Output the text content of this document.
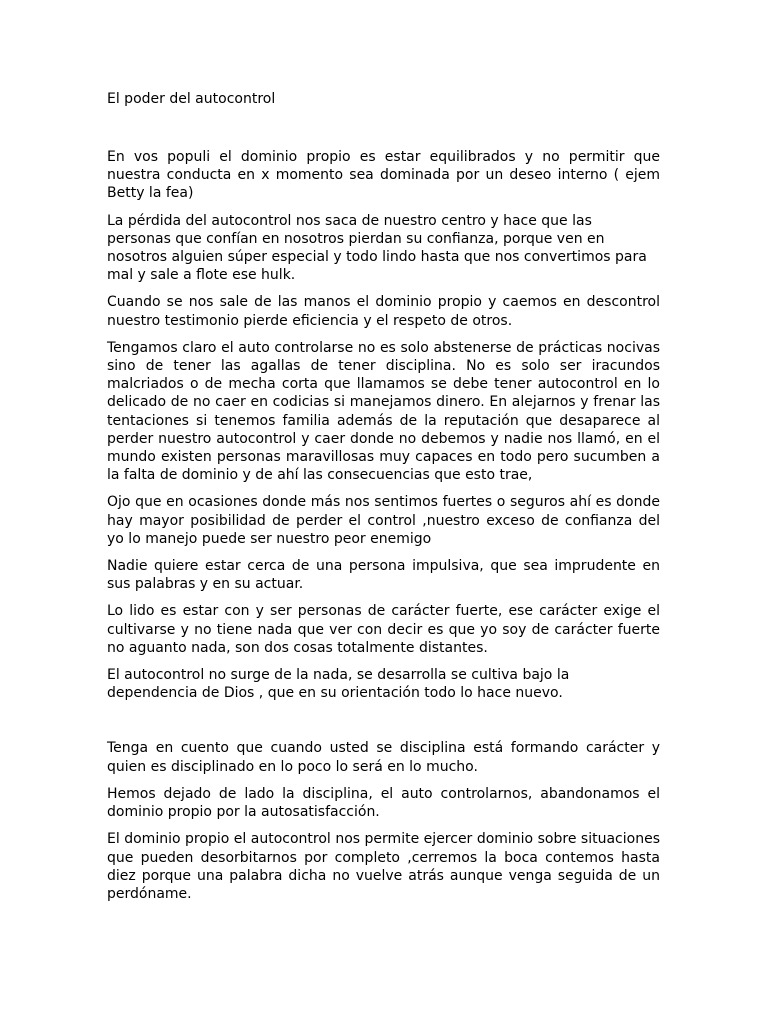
El poder del autocontrol

En vos populi el dominio propio es estar equilibrados y no permitir que nuestra conducta en x momento sea dominada por un deseo interno ( ejem Betty la fea)

La pérdida del autocontrol nos saca de nuestro centro y hace que las personas que confían en nosotros pierdan su confianza, porque ven en nosotros alguien súper especial y todo lindo hasta que nos convertimos para mal y sale a flote ese hulk.

Cuando se nos sale de las manos el dominio propio y caemos en descontrol nuestro testimonio pierde eficiencia y el respeto de otros.

Tengamos claro el auto controlarse no es solo abstenerse de prácticas nocivas sino de tener las agallas de tener disciplina. No es solo ser iracundos malcriados o de mecha corta que llamamos se debe tener autocontrol en lo delicado de no caer en codicias si manejamos dinero. En alejarnos y frenar las tentaciones si tenemos familia además de la reputación que desaparece al perder nuestro autocontrol y caer donde no debemos y nadie nos llamó, en el mundo existen personas maravillosas muy capaces en todo pero sucumben a la falta de dominio y de ahí las consecuencias que esto trae,

Ojo que en ocasiones donde más nos sentimos fuertes o seguros ahí es donde hay mayor posibilidad de perder el control ,nuestro exceso de confianza del yo lo manejo puede ser nuestro peor enemigo

Nadie quiere estar cerca de una persona impulsiva, que sea imprudente en sus palabras y en su actuar.

Lo lido es estar con y ser personas de carácter fuerte, ese carácter exige el cultivarse y no tiene nada que ver con decir es que yo soy de carácter fuerte no aguanto nada, son dos cosas totalmente distantes.

El autocontrol no surge de la nada, se desarrolla se cultiva bajo la dependencia de Dios , que en su orientación todo lo hace nuevo.

Tenga en cuento que cuando usted se disciplina está formando carácter y quien es disciplinado en lo poco lo será en lo mucho.

Hemos dejado de lado la disciplina, el auto controlarnos, abandonamos el dominio propio por la autosatisfacción.

El dominio propio el autocontrol nos permite ejercer dominio sobre situaciones que pueden desorbitarnos por completo ,cerremos la boca contemos hasta diez porque una palabra dicha no vuelve atrás aunque venga seguida de un perdóname.
